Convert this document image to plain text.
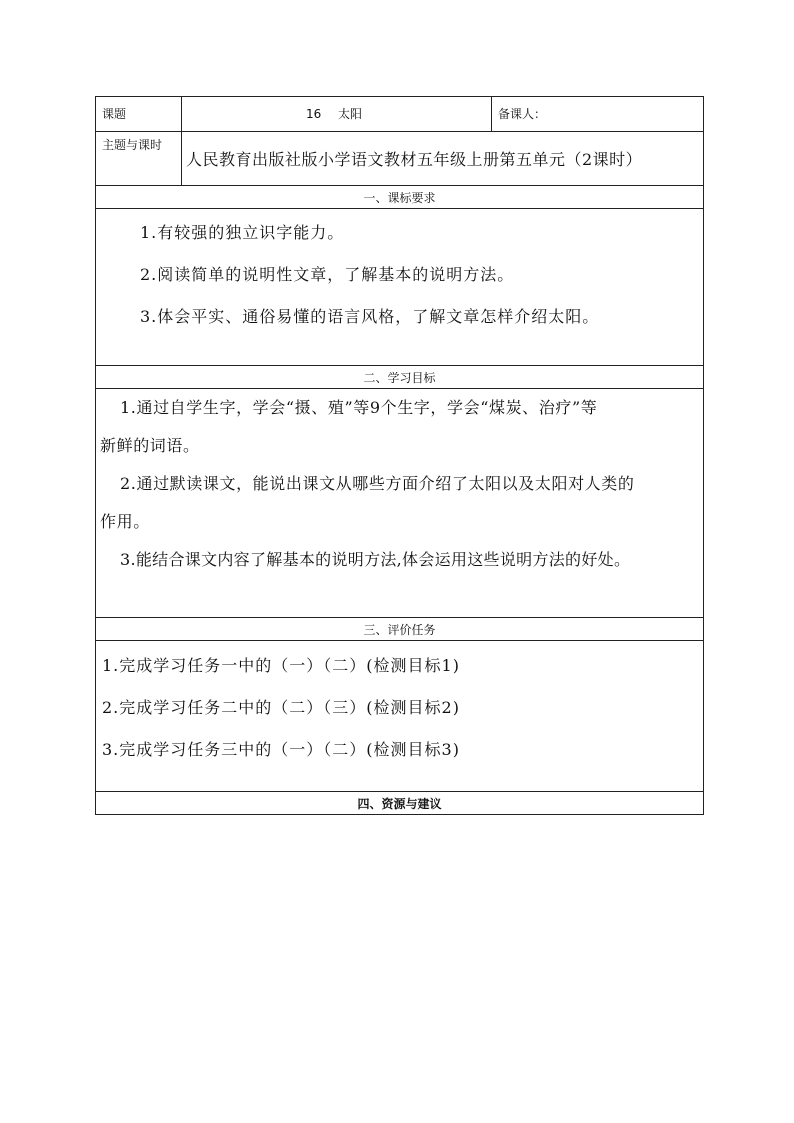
课题	16 太阳	备课人：
主题与课时	人民教育出版社版小学语文教材五年级上册第五单元（2课时）	
一、课标要求		

1.有较强的独立识字能力。
2.阅读简单的说明性文章，了解基本的说明方法。
3.体会平实、通俗易懂的语言风格，了解文章怎样介绍太阳。		

二、学习目标		

1.通过自学生字，学会“摄、殖”等9个生字，学会“煤炭、治疗”等
新鲜的词语。
2.通过默读课文，能说出课文从哪些方面介绍了太阳以及太阳对人类的
作用。
3.能结合课文内容了解基本的说明方法,体会运用这些说明方法的好处。		

三、评价任务		

1.完成学习任务一中的（一）（二）(检测目标1)
2.完成学习任务二中的（二）（三）(检测目标2)
3.完成学习任务三中的（一）（二）(检测目标3)		

四、资源与建议		
